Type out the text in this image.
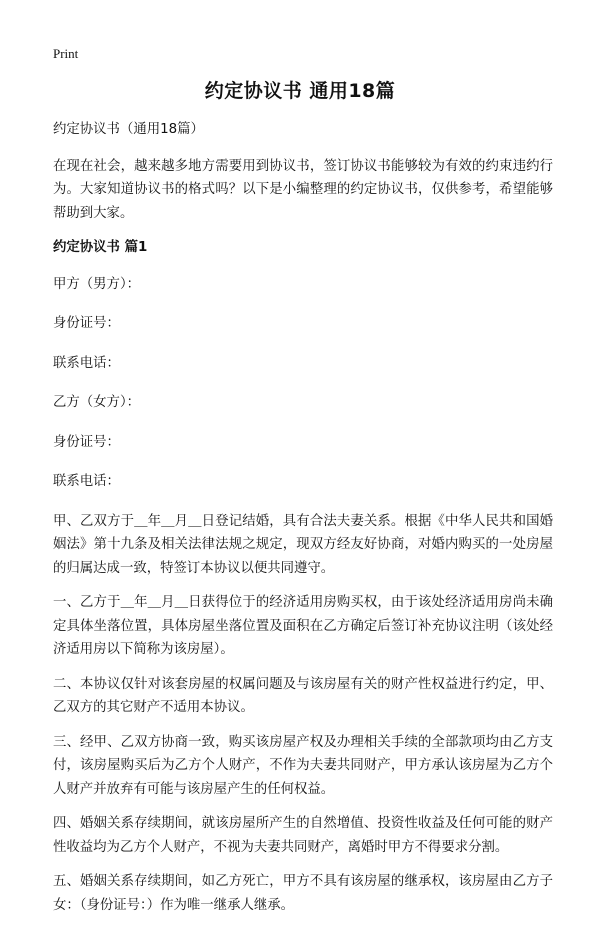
Print
约定协议书 通用18篇

约定协议书（通用18篇）

在现在社会，越来越多地方需要用到协议书，签订协议书能够较为有效的约束违约行为。大家知道协议书的格式吗？以下是小编整理的约定协议书，仅供参考，希望能够帮助到大家。

约定协议书 篇1

甲方（男方）：

身份证号：

联系电话：

乙方（女方）：

身份证号：

联系电话：

甲、乙双方于＿年＿月＿日登记结婚，具有合法夫妻关系。根据《中华人民共和国婚姻法》第十九条及相关法律法规之规定，现双方经友好协商，对婚内购买的一处房屋的归属达成一致，特签订本协议以便共同遵守。

一、乙方于＿年＿月＿日获得位于的经济适用房购买权，由于该处经济适用房尚未确定具体坐落位置，具体房屋坐落位置及面积在乙方确定后签订补充协议注明（该处经济适用房以下简称为该房屋）。

二、本协议仅针对该套房屋的权属问题及与该房屋有关的财产性权益进行约定，甲、乙双方的其它财产不适用本协议。

三、经甲、乙双方协商一致，购买该房屋产权及办理相关手续的全部款项均由乙方支付，该房屋购买后为乙方个人财产，不作为夫妻共同财产，甲方承认该房屋为乙方个人财产并放弃有可能与该房屋产生的任何权益。

四、婚姻关系存续期间，就该房屋所产生的自然增值、投资性收益及任何可能的财产性收益均为乙方个人财产，不视为夫妻共同财产，离婚时甲方不得要求分割。

五、婚姻关系存续期间，如乙方死亡，甲方不具有该房屋的继承权，该房屋由乙方子女：（身份证号：）作为唯一继承人继承。
